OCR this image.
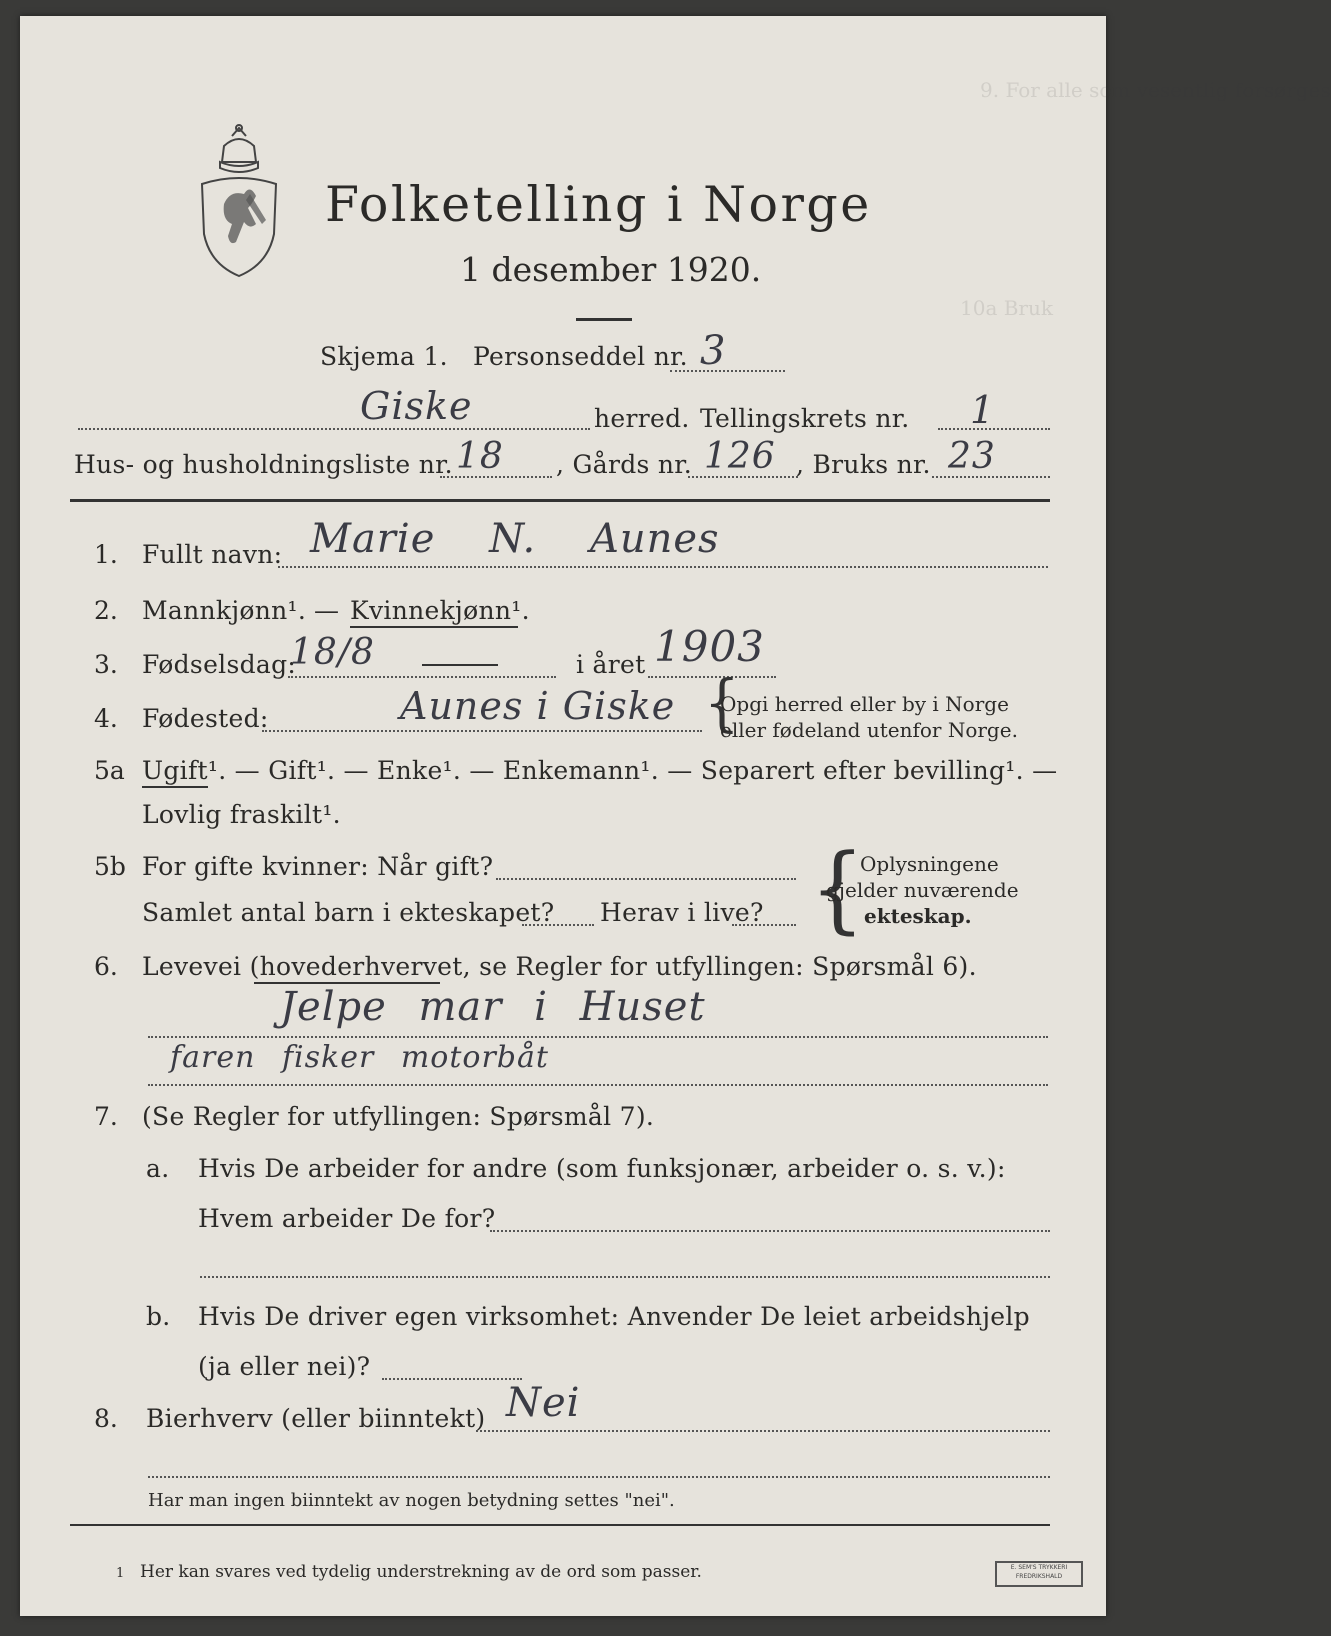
9. For alle som vesentlig forsørges
10a Bruk
Folketelling i Norge
1 desember 1920.
Skjema 1. Personseddel nr. 3
Giske	herred. Tellingskrets nr. 1
Hus- og husholdningsliste nr. 18 , Gårds nr. 126 , Bruks nr. 23
1. Fullt navn: Marie N. Aunes
2. Mannkjønn¹. — Kvinnekjønn¹.
3. Fødselsdag:
18/8	i året 1903
4. Fødested:	Aunes i Giske {
Opgi herred eller by i Norge
eller fødeland utenfor Norge.
5a Ugift¹. — Gift¹. — Enke¹. — Enkemann¹. — Separert efter bevilling¹. —
Lovlig fraskilt¹.
5b For gifte kvinner: Når gift?
Samlet antal barn i ekteskapet? Herav i live? {
Oplysningene
gjelder nuværende
ekteskap.
6. Levevei (hovederhvervet, se Regler for utfyllingen: Spørsmål 6).
Jelpe mar i Huset
faren fisker motorbåt
7. (Se Regler for utfyllingen: Spørsmål 7).
a. Hvis De arbeider for andre (som funksjonær, arbeider o. s. v.):
Hvem arbeider De for?
b. Hvis De driver egen virksomhet: Anvender De leiet arbeidshjelp
(ja eller nei)?
8. Bierhverv (eller biinntekt) Nei
Har man ingen biinntekt av nogen betydning settes "nei".
1 Her kan svares ved tydelig understrekning av de ord som passer.	E. SEM'S TRYKKERI
FREDRIKSHALD
